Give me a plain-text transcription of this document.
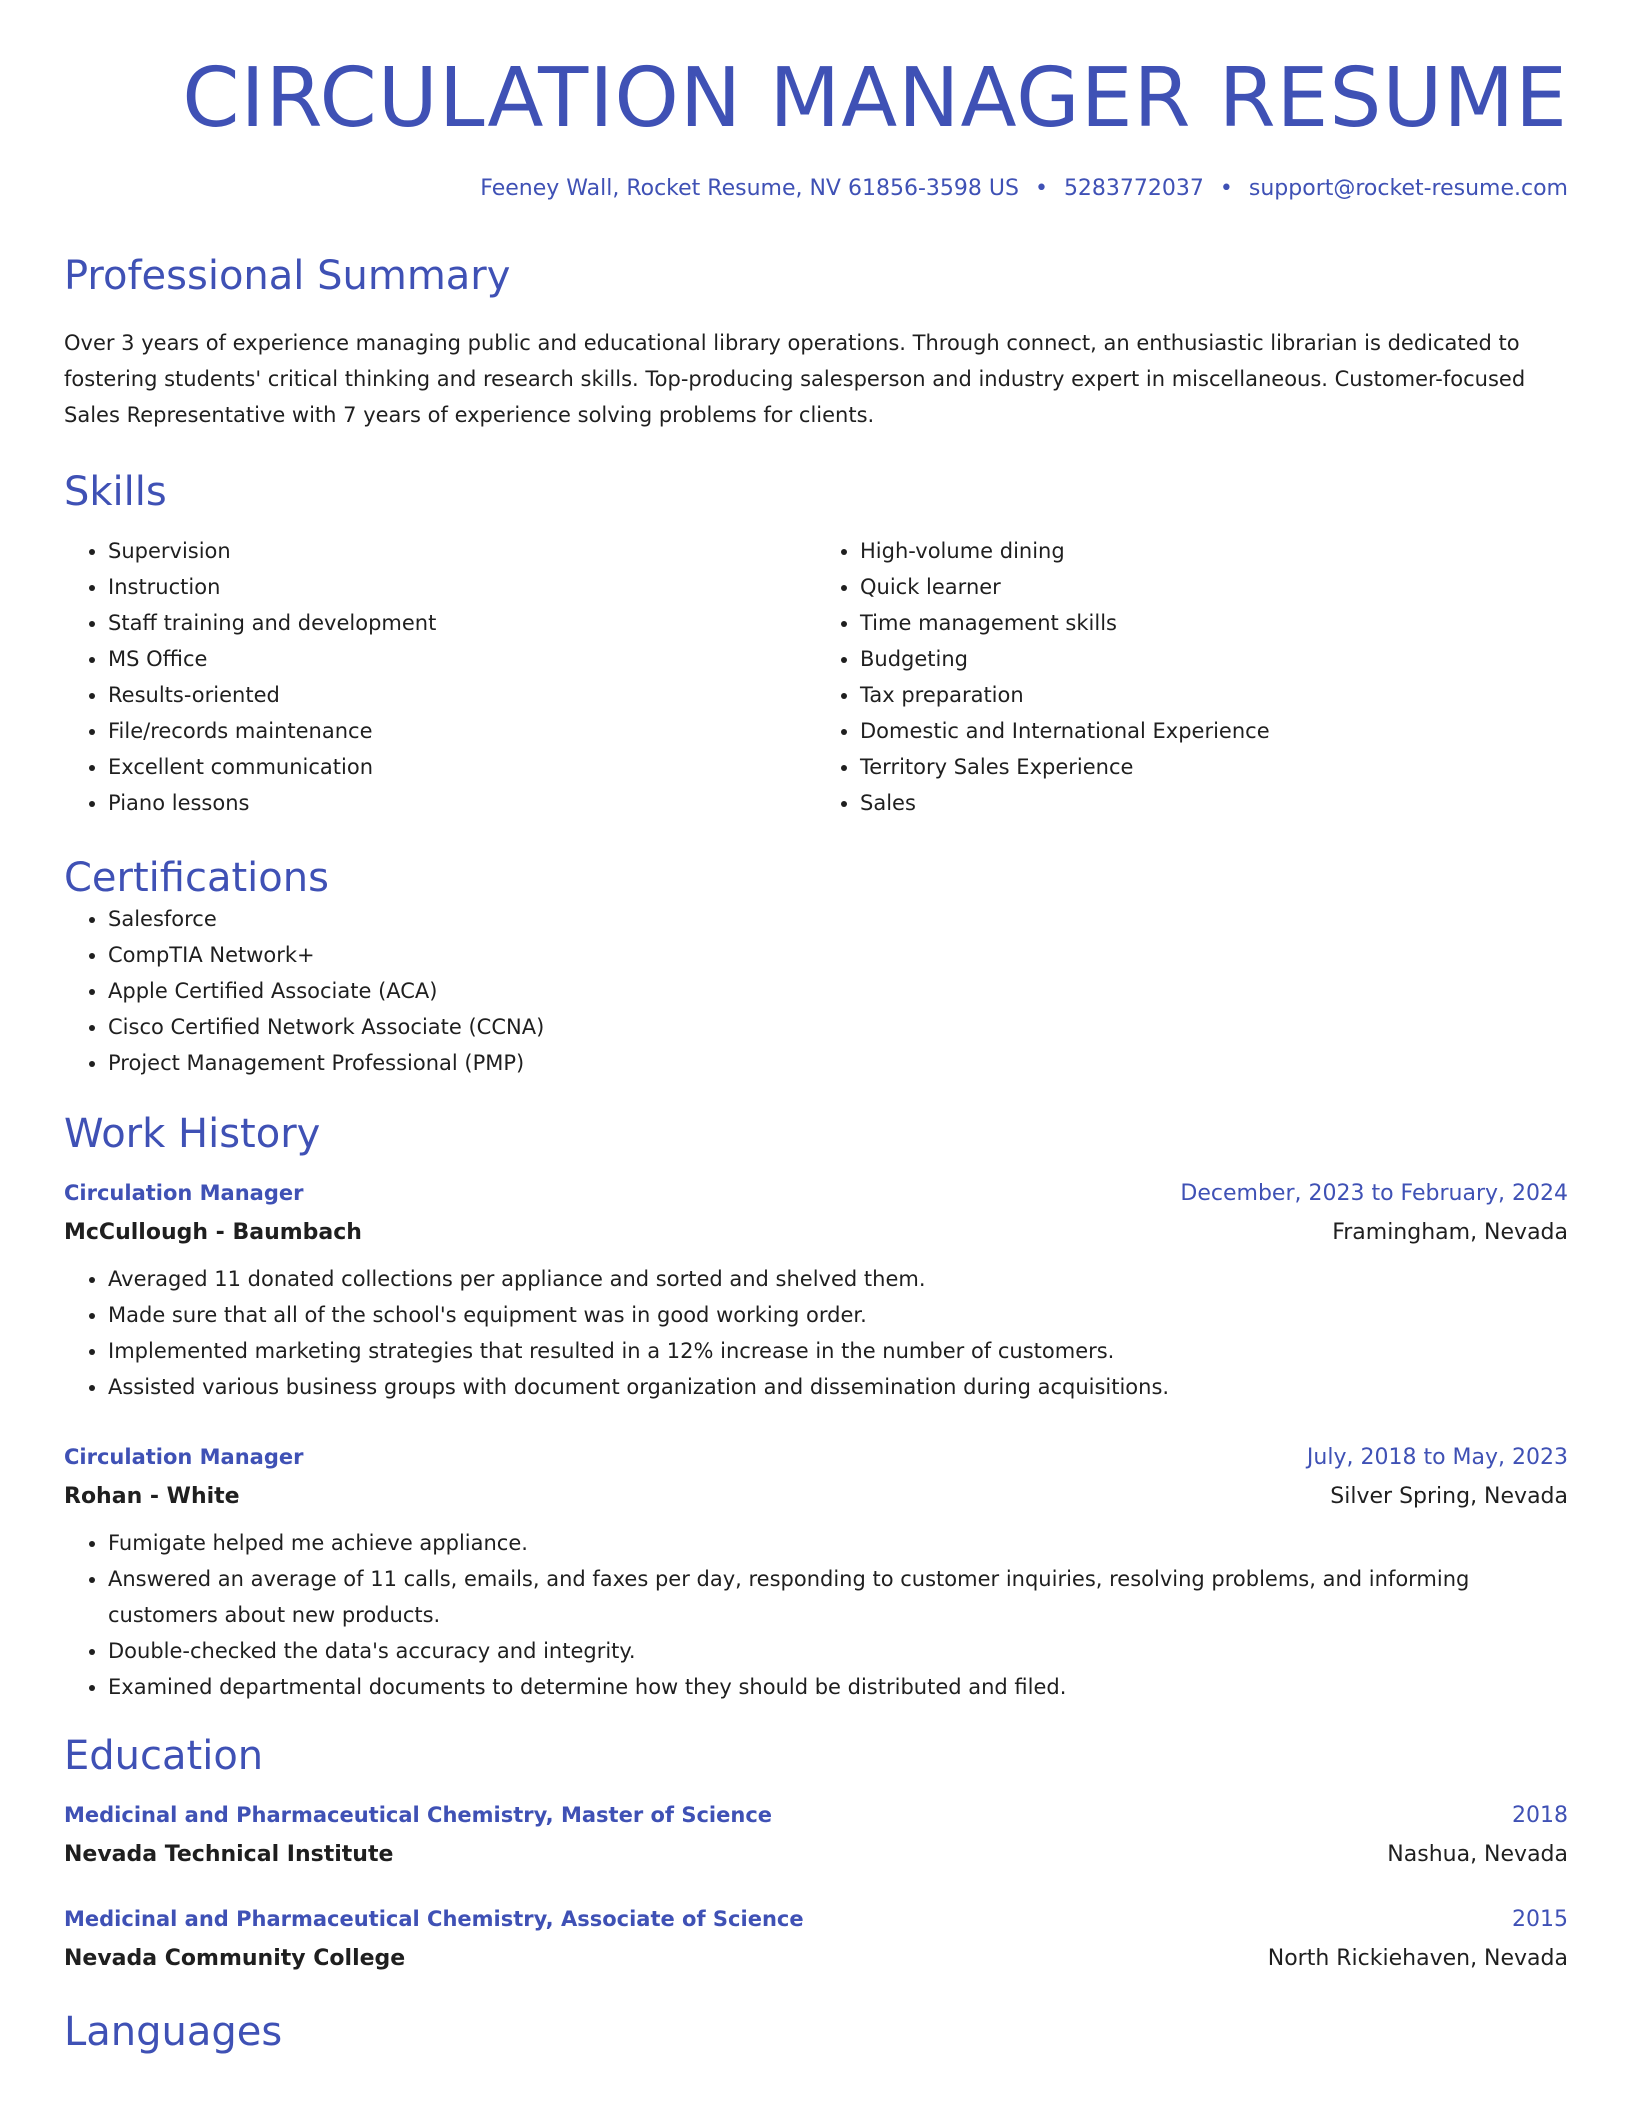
CIRCULATION MANAGER RESUME
Feeney Wall, Rocket Resume, NV 61856-3598 US • 5283772037 • support@rocket-resume.com
Professional Summary
Over 3 years of experience managing public and educational library operations. Through connect, an enthusiastic librarian is dedicated to fostering students' critical thinking and research skills. Top-producing salesperson and industry expert in miscellaneous. Customer-focused Sales Representative with 7 years of experience solving problems for clients.
Skills
• Supervision
• Instruction
• Staff training and development
• MS Office
• Results-oriented
• File/records maintenance
• Excellent communication
• Piano lessons
• High-volume dining
• Quick learner
• Time management skills
• Budgeting
• Tax preparation
• Domestic and International Experience
• Territory Sales Experience
• Sales
Certifications
• Salesforce
• CompTIA Network+
• Apple Certified Associate (ACA)
• Cisco Certified Network Associate (CCNA)
• Project Management Professional (PMP)
Work History
Circulation Manager	December, 2023 to February, 2024
McCullough - Baumbach	Framingham, Nevada
• Averaged 11 donated collections per appliance and sorted and shelved them.
• Made sure that all of the school's equipment was in good working order.
• Implemented marketing strategies that resulted in a 12% increase in the number of customers.
• Assisted various business groups with document organization and dissemination during acquisitions.
Circulation Manager	July, 2018 to May, 2023
Rohan - White	Silver Spring, Nevada
• Fumigate helped me achieve appliance.
• Answered an average of 11 calls, emails, and faxes per day, responding to customer inquiries, resolving problems, and informing customers about new products.
• Double-checked the data's accuracy and integrity.
• Examined departmental documents to determine how they should be distributed and filed.
Education
Medicinal and Pharmaceutical Chemistry, Master of Science	2018
Nevada Technical Institute	Nashua, Nevada
Medicinal and Pharmaceutical Chemistry, Associate of Science	2015
Nevada Community College	North Rickiehaven, Nevada
Languages
